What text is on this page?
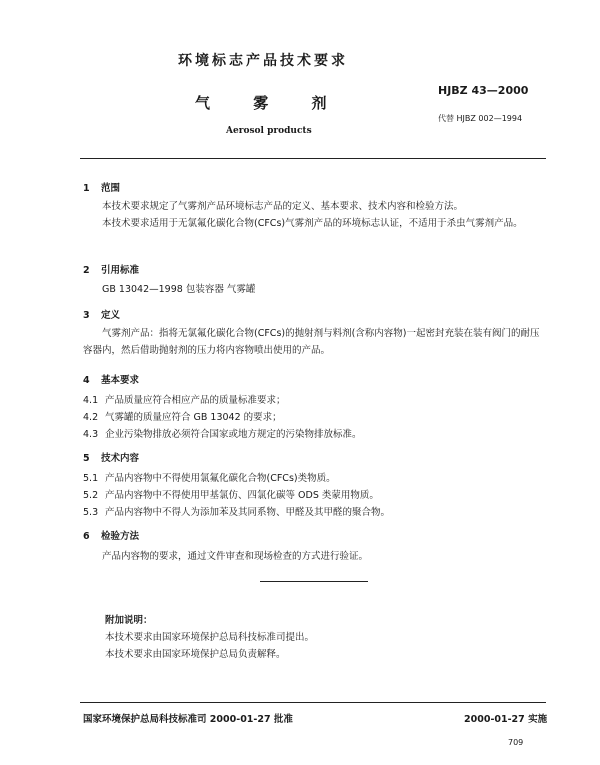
环境标志产品技术要求
HJBZ 43—2000
气 雾 剂
代替 HJBZ 002—1994
Aerosol products
1 范围
本技术要求规定了气雾剂产品环境标志产品的定义、基本要求、技术内容和检验方法。
本技术要求适用于无氯氟化碳化合物(CFCs)气雾剂产品的环境标志认证，不适用于杀虫气雾剂产品。
2 引用标准
GB 13042—1998 包装容器 气雾罐
3 定义
气雾剂产品：指将无氯氟化碳化合物(CFCs)的抛射剂与料剂(含称内容物)一起密封充装在装有阀门的耐压容器内，然后借助抛射剂的压力将内容物喷出使用的产品。
4 基本要求
4.1 产品质量应符合相应产品的质量标准要求；
4.2 气雾罐的质量应符合 GB 13042 的要求；
4.3 企业污染物排放必须符合国家或地方规定的污染物排放标准。
5 技术内容
5.1 产品内容物中不得使用氯氟化碳化合物(CFCs)类物质。
5.2 产品内容物中不得使用甲基氯仿、四氯化碳等 ODS 类蒙用物质。
5.3 产品内容物中不得人为添加苯及其同系物、甲醛及其甲醛的聚合物。
6 检验方法
产品内容物的要求，通过文件审查和现场检查的方式进行验证。
附加说明：
本技术要求由国家环境保护总局科技标准司提出。
本技术要求由国家环境保护总局负责解释。
国家环境保护总局科技标准司 2000-01-27 批准	2000-01-27 实施
709
